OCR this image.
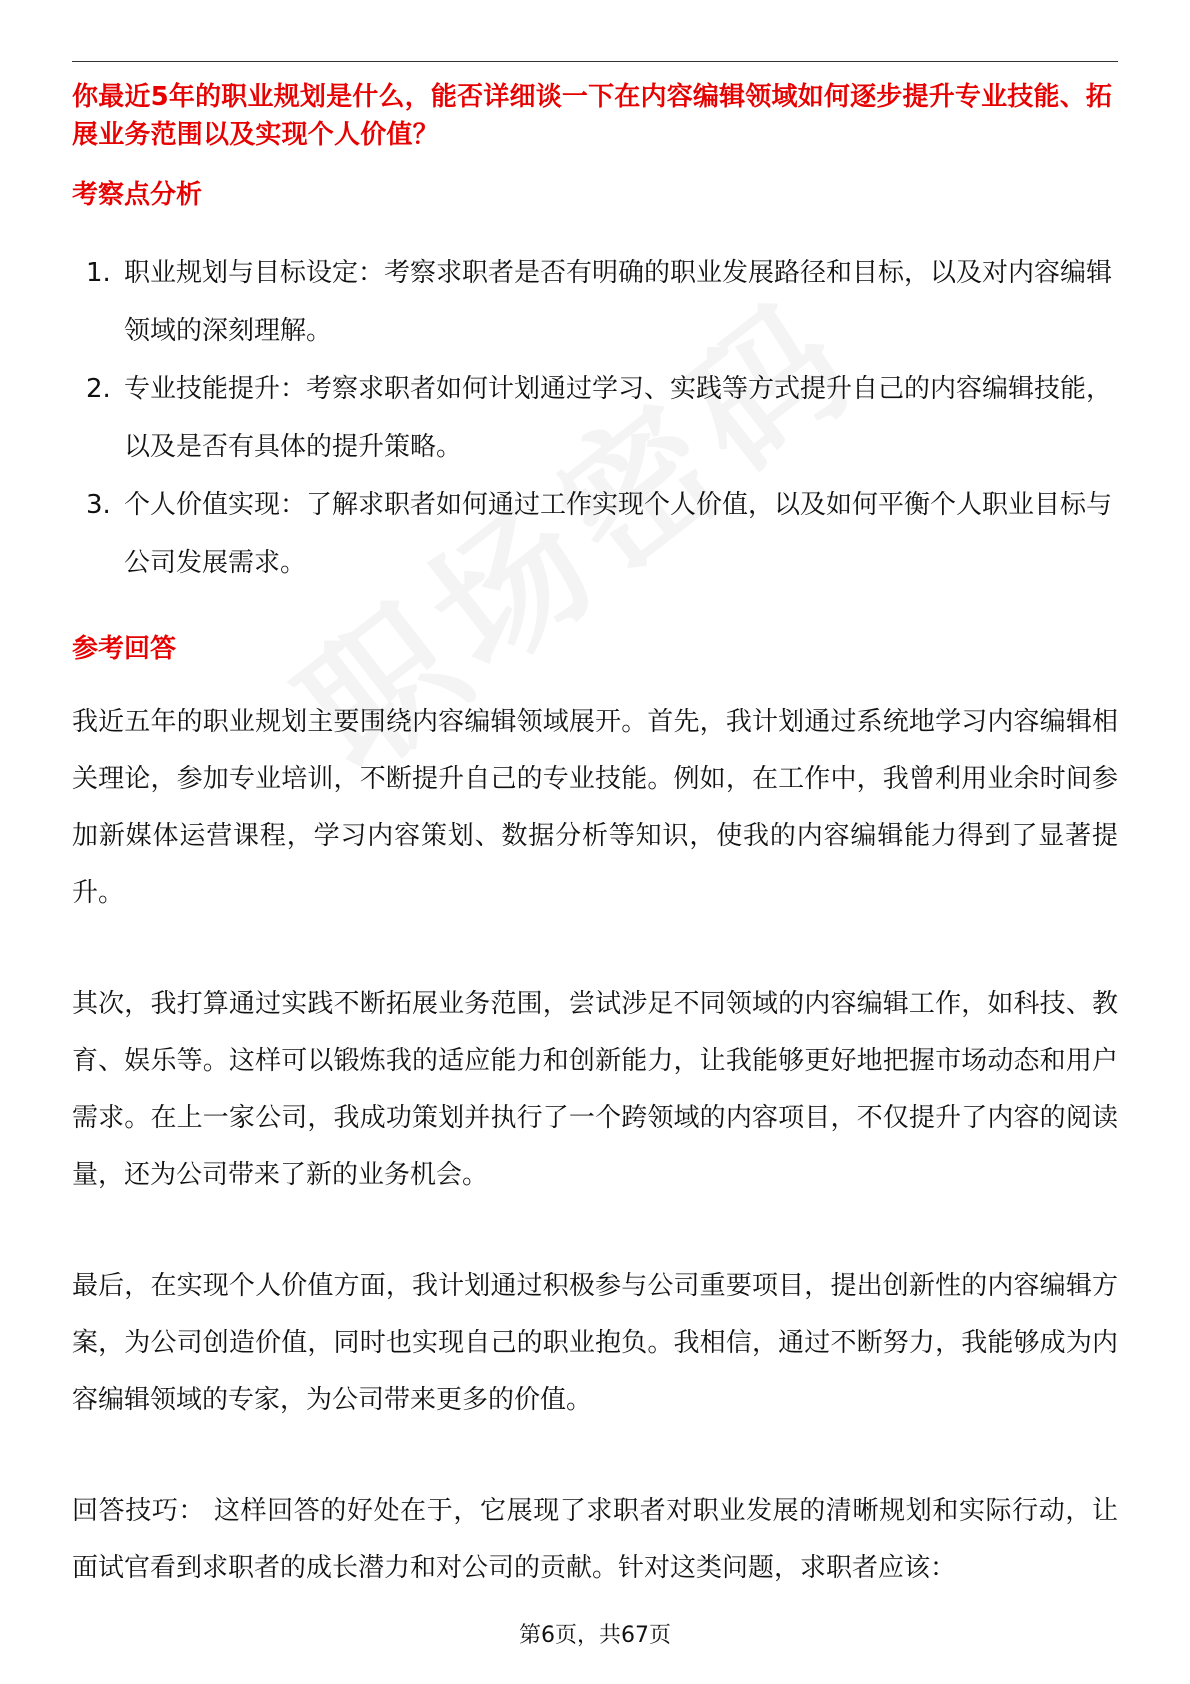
你最近5年的职业规划是什么，能否详细谈一下在内容编辑领域如何逐步提升专业技能、拓展业务范围以及实现个人价值？

考察点分析
1. 职业规划与目标设定：考察求职者是否有明确的职业发展路径和目标，以及对内容编辑领域的深刻理解。
2. 专业技能提升：考察求职者如何计划通过学习、实践等方式提升自己的内容编辑技能，以及是否有具体的提升策略。
3. 个人价值实现：了解求职者如何通过工作实现个人价值，以及如何平衡个人职业目标与公司发展需求。
参考回答

我近五年的职业规划主要围绕内容编辑领域展开。首先，我计划通过系统地学习内容编辑相关理论，参加专业培训，不断提升自己的专业技能。例如，在工作中，我曾利用业余时间参加新媒体运营课程，学习内容策划、数据分析等知识，使我的内容编辑能力得到了显著提升。

其次，我打算通过实践不断拓展业务范围，尝试涉足不同领域的内容编辑工作，如科技、教育、娱乐等。这样可以锻炼我的适应能力和创新能力，让我能够更好地把握市场动态和用户需求。在上一家公司，我成功策划并执行了一个跨领域的内容项目，不仅提升了内容的阅读量，还为公司带来了新的业务机会。

最后，在实现个人价值方面，我计划通过积极参与公司重要项目，提出创新性的内容编辑方案，为公司创造价值，同时也实现自己的职业抱负。我相信，通过不断努力，我能够成为内容编辑领域的专家，为公司带来更多的价值。

回答技巧： 这样回答的好处在于，它展现了求职者对职业发展的清晰规划和实际行动，让面试官看到求职者的成长潜力和对公司的贡献。针对这类问题，求职者应该：

第6页，共67页
